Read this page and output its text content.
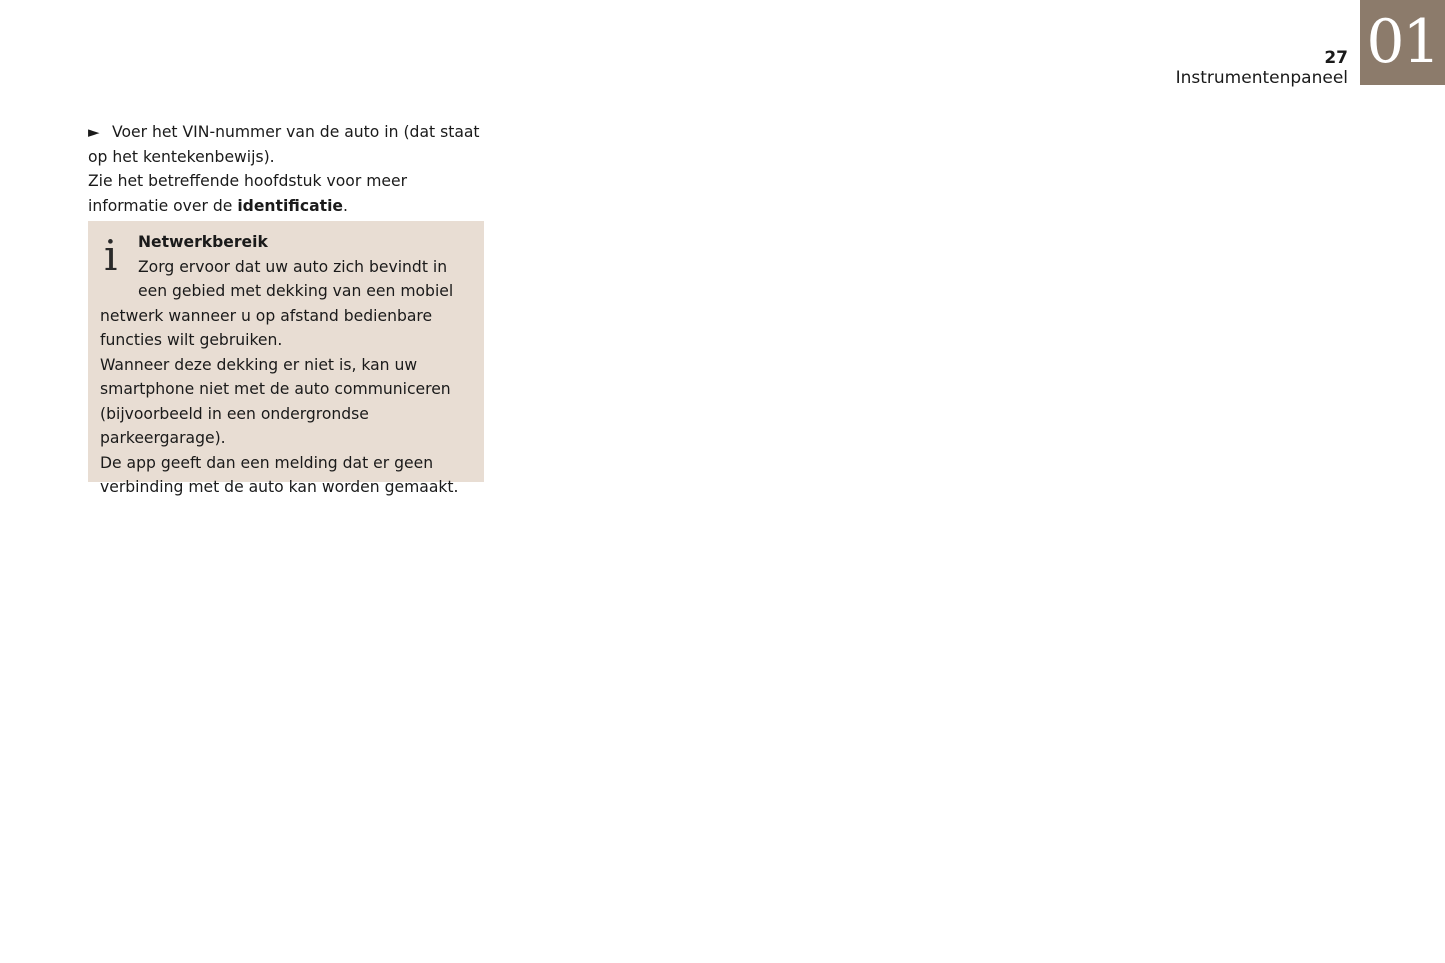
01
27
Instrumentenpaneel

► Voer het VIN-nummer van de auto in (dat staat op het kentekenbewijs).

Zie het betreffende hoofdstuk voor meer informatie over de identificatie.

i	Netwerkbereik

Zorg ervoor dat uw auto zich bevindt in een gebied met dekking van een mobiel netwerk wanneer u op afstand bedienbare functies wilt gebruiken.

Wanneer deze dekking er niet is, kan uw smartphone niet met de auto communiceren (bijvoorbeeld in een ondergrondse parkeergarage).

De app geeft dan een melding dat er geen verbinding met de auto kan worden gemaakt.
